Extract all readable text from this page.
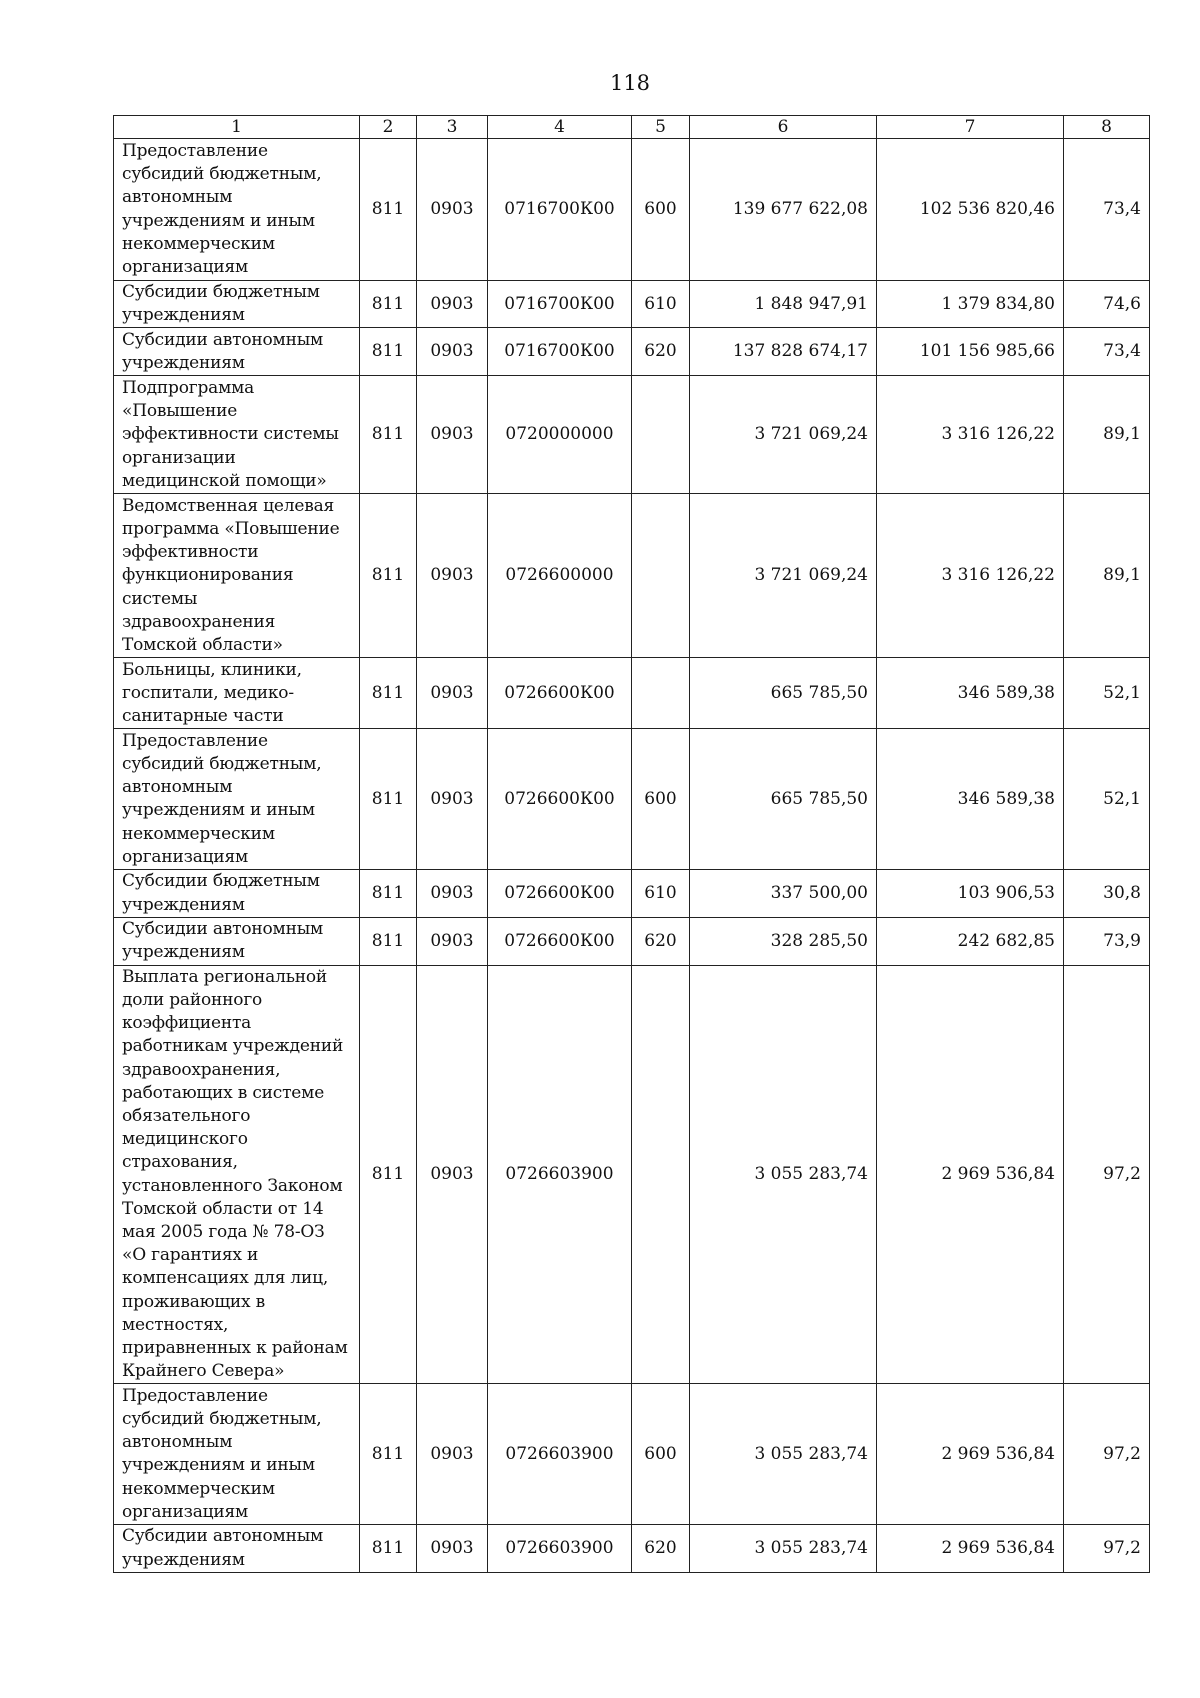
118
1	2	3	4	5	6	7	8
Предоставление субсидий бюджетным, автономным учреждениям и иным некоммерческим организациям	811	0903	0716700К00	600	139 677 622,08	102 536 820,46	73,4
Субсидии бюджетным учреждениям	811	0903	0716700К00	610	1 848 947,91	1 379 834,80	74,6
Субсидии автономным учреждениям	811	0903	0716700К00	620	137 828 674,17	101 156 985,66	73,4
Подпрограмма «Повышение эффективности системы организации медицинской помощи»	811	0903	0720000000		3 721 069,24	3 316 126,22	89,1
Ведомственная целевая программа «Повышение эффективности функционирования системы здравоохранения Томской области»	811	0903	0726600000		3 721 069,24	3 316 126,22	89,1
Больницы, клиники, госпитали, медико-санитарные части	811	0903	0726600К00		665 785,50	346 589,38	52,1
Предоставление субсидий бюджетным, автономным учреждениям и иным некоммерческим организациям	811	0903	0726600К00	600	665 785,50	346 589,38	52,1
Субсидии бюджетным учреждениям	811	0903	0726600К00	610	337 500,00	103 906,53	30,8
Субсидии автономным учреждениям	811	0903	0726600К00	620	328 285,50	242 682,85	73,9
Выплата региональной доли районного коэффициента работникам учреждений здравоохранения, работающих в системе обязательного медицинского страхования, установленного Законом Томской области от 14 мая 2005 года № 78-ОЗ «О гарантиях и компенсациях для лиц, проживающих в местностях, приравненных к районам Крайнего Севера»	811	0903	0726603900		3 055 283,74	2 969 536,84	97,2
Предоставление субсидий бюджетным, автономным учреждениям и иным некоммерческим организациям	811	0903	0726603900	600	3 055 283,74	2 969 536,84	97,2
Субсидии автономным учреждениям	811	0903	0726603900	620	3 055 283,74	2 969 536,84	97,2
